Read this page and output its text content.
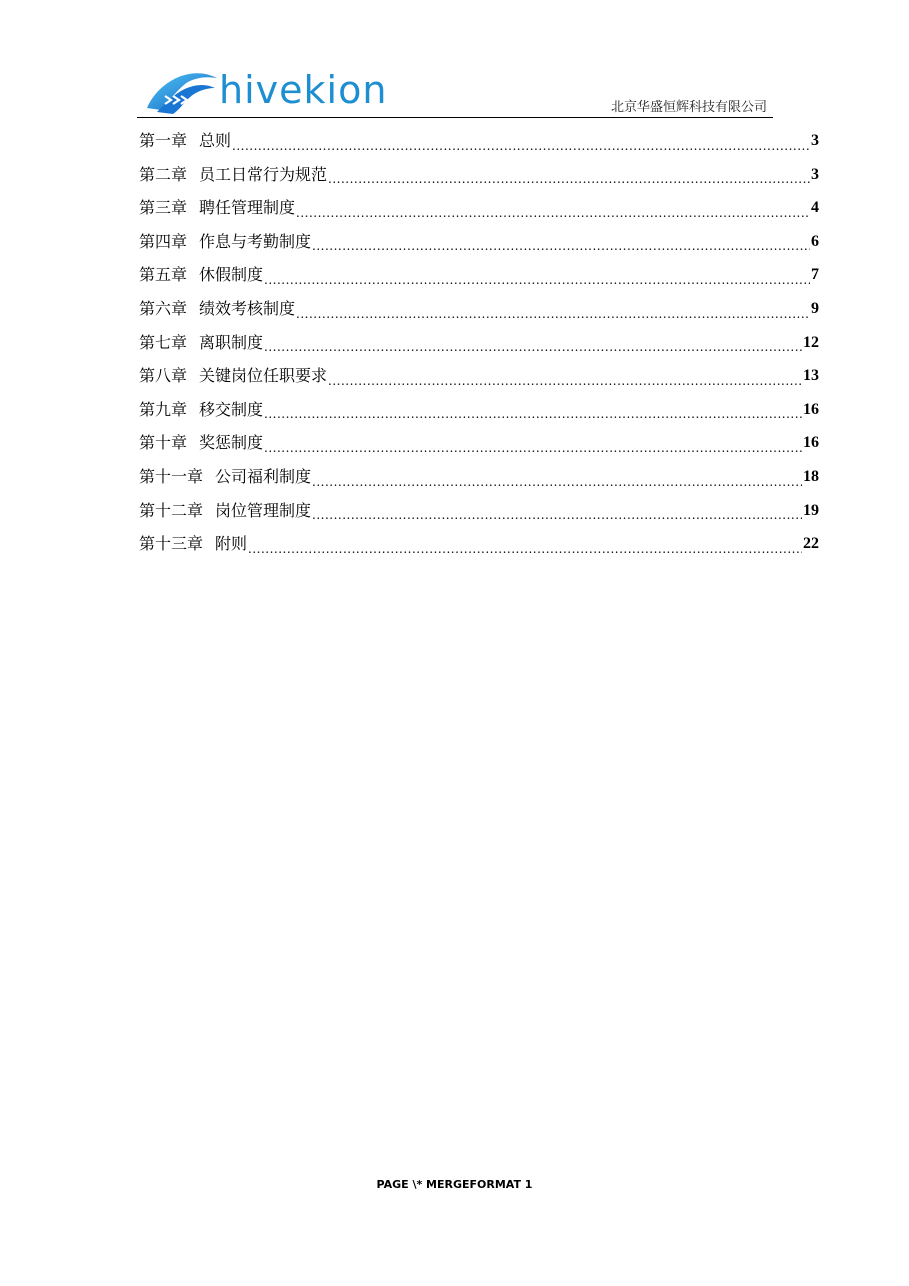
hivekion	北京华盛恒辉科技有限公司
第一章 总则 .....	3
第二章 员工日常行为规范 .....	3
第三章 聘任管理制度 .....	4
第四章 作息与考勤制度 .....	6
第五章 休假制度 .....	7
第六章 绩效考核制度 .....	9
第七章 离职制度 .....	12
第八章 关键岗位任职要求 .....	13
第九章 移交制度 .....	16
第十章 奖惩制度 .....	16
第十一章 公司福利制度 .....	18
第十二章 岗位管理制度 .....	19
第十三章 附则 .....	22
PAGE \* MERGEFORMAT 1
